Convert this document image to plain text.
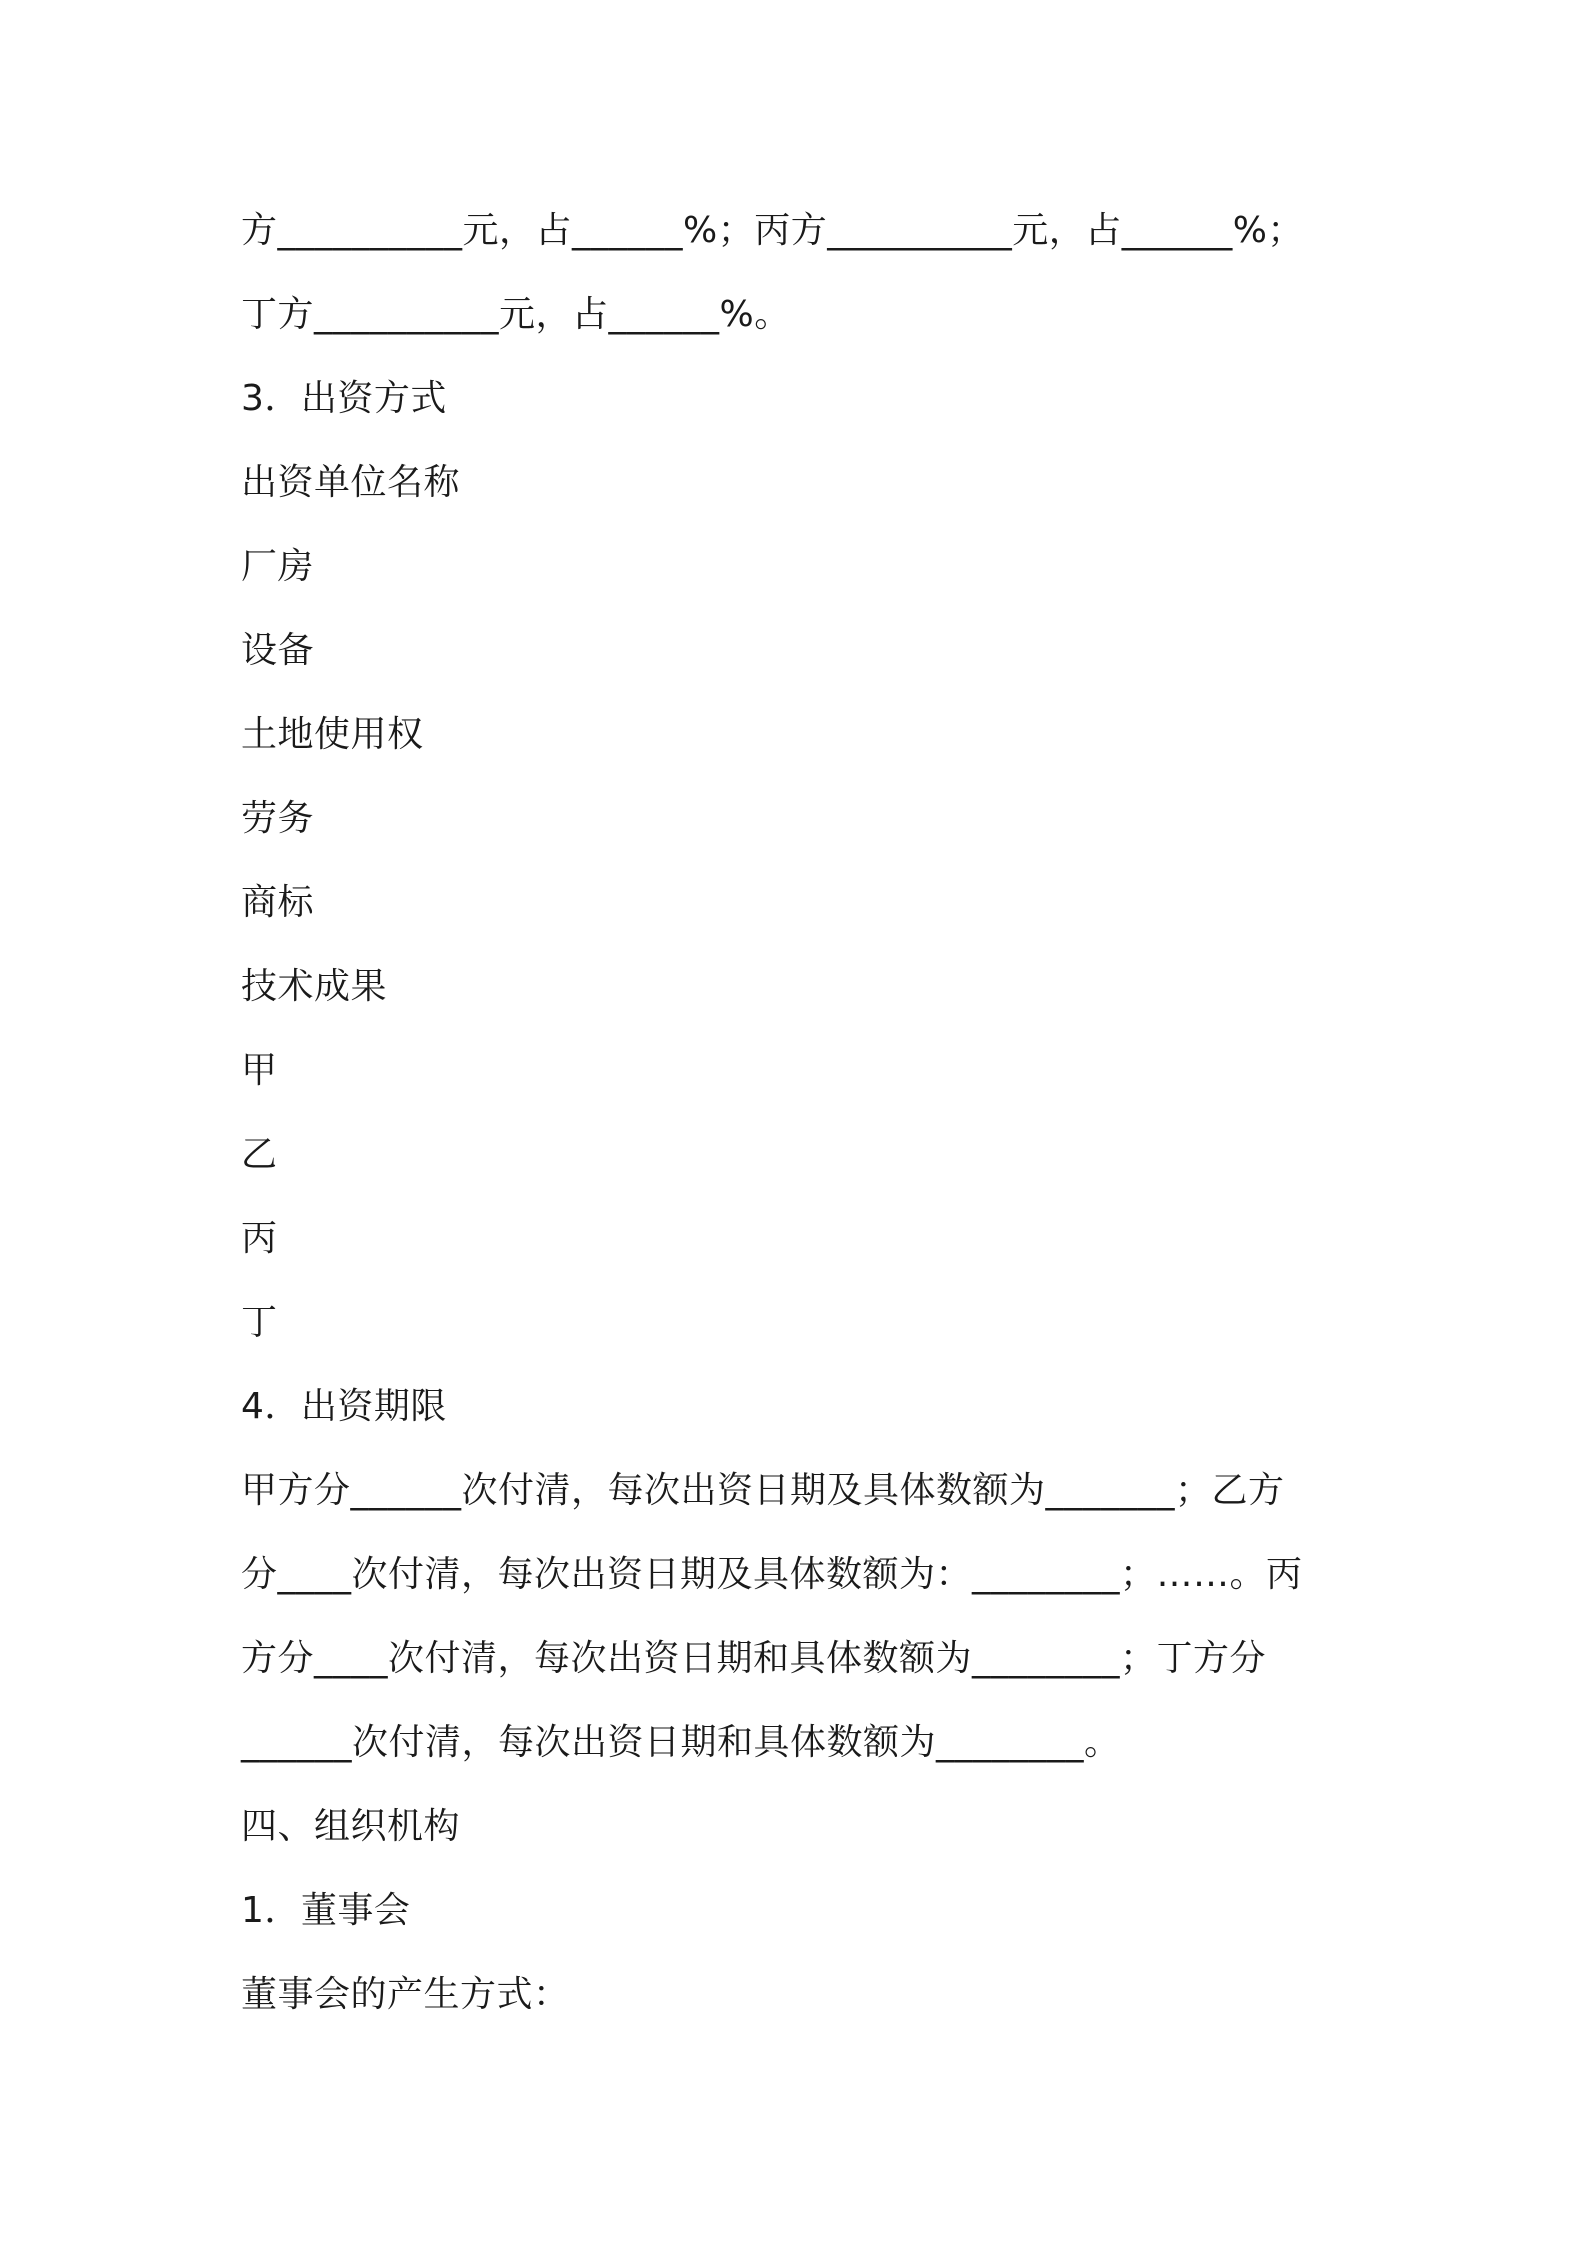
方__________元，占______%；丙方__________元，占______%；
丁方__________元，占______%。
3．出资方式
出资单位名称
厂房
设备
土地使用权
劳务
商标
技术成果
甲
乙
丙
丁
4．出资期限
甲方分______次付清，每次出资日期及具体数额为_______；乙方
分____次付清，每次出资日期及具体数额为：________；……。丙
方分____次付清，每次出资日期和具体数额为________；丁方分
______次付清，每次出资日期和具体数额为________。
四、组织机构
1．董事会
董事会的产生方式：
